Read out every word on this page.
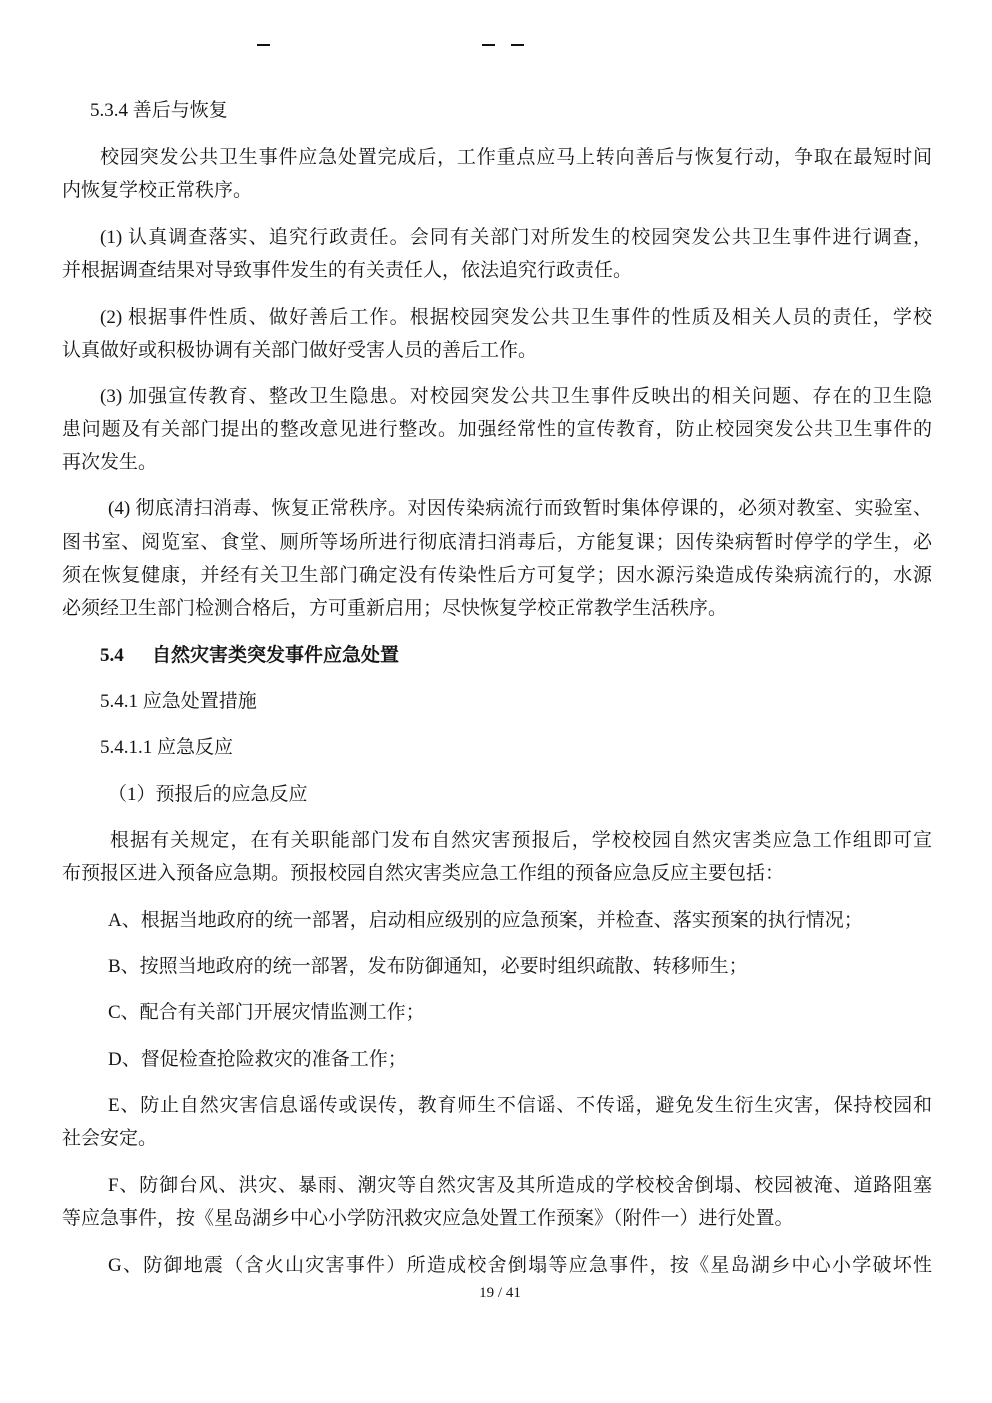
5.3.4 善后与恢复
校园突发公共卫生事件应急处置完成后，工作重点应马上转向善后与恢复行动，争取在最短时间
内恢复学校正常秩序。
(1) 认真调查落实、追究行政责任。会同有关部门对所发生的校园突发公共卫生事件进行调查，
并根据调查结果对导致事件发生的有关责任人，依法追究行政责任。
(2) 根据事件性质、做好善后工作。根据校园突发公共卫生事件的性质及相关人员的责任，学校
认真做好或积极协调有关部门做好受害人员的善后工作。
(3) 加强宣传教育、整改卫生隐患。对校园突发公共卫生事件反映出的相关问题、存在的卫生隐
患问题及有关部门提出的整改意见进行整改。加强经常性的宣传教育，防止校园突发公共卫生事件的
再次发生。
(4) 彻底清扫消毒、恢复正常秩序。对因传染病流行而致暂时集体停课的，必须对教室、实验室、
图书室、阅览室、食堂、厕所等场所进行彻底清扫消毒后，方能复课；因传染病暂时停学的学生，必
须在恢复健康，并经有关卫生部门确定没有传染性后方可复学；因水源污染造成传染病流行的，水源
必须经卫生部门检测合格后，方可重新启用；尽快恢复学校正常教学生活秩序。
5.4 自然灾害类突发事件应急处置
5.4.1 应急处置措施
5.4.1.1 应急反应
（1）预报后的应急反应
根据有关规定，在有关职能部门发布自然灾害预报后，学校校园自然灾害类应急工作组即可宣
布预报区进入预备应急期。预报校园自然灾害类应急工作组的预备应急反应主要包括：
A、根据当地政府的统一部署，启动相应级别的应急预案，并检查、落实预案的执行情况；
B、按照当地政府的统一部署，发布防御通知，必要时组织疏散、转移师生；
C、配合有关部门开展灾情监测工作；
D、督促检查抢险救灾的准备工作；
E、防止自然灾害信息谣传或误传，教育师生不信谣、不传谣，避免发生衍生灾害，保持校园和
社会安定。
F、防御台风、洪灾、暴雨、潮灾等自然灾害及其所造成的学校校舍倒塌、校园被淹、道路阻塞
等应急事件，按《星岛湖乡中心小学防汛救灾应急处置工作预案》（附件一）进行处置。
G、防御地震（含火山灾害事件）所造成校舍倒塌等应急事件，按《星岛湖乡中心小学破坏性
19 / 41
